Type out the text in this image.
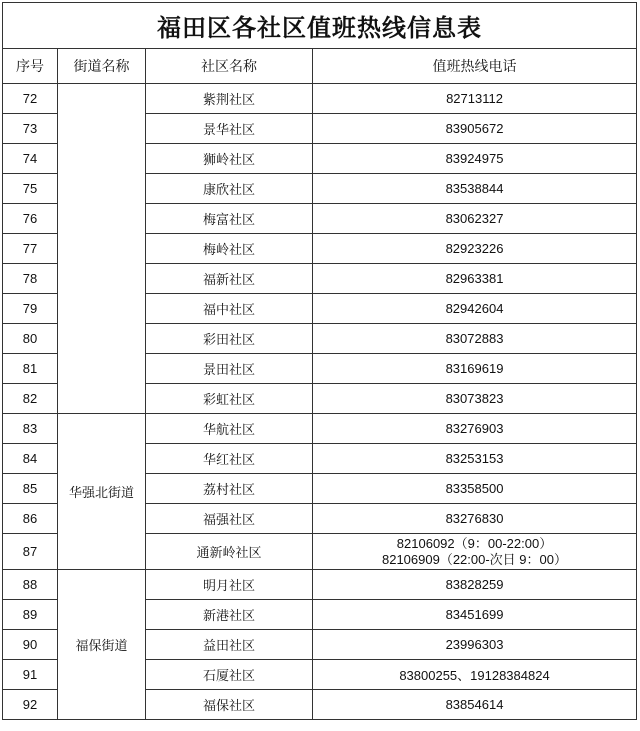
福田区各社区值班热线信息表			
序号	街道名称	社区名称	值班热线电话
72		紫荆社区	82713112

73		景华社区	83905672

74		狮岭社区	83924975

75		康欣社区	83538844

76		梅富社区	83062327

77		梅岭社区	82923226

78		福新社区	82963381

79		福中社区	82942604

80		彩田社区	83072883

81		景田社区	83169619

82		彩虹社区	83073823

83	华强北街道	华航社区	83276903

84		华红社区	83253153

85		荔村社区	83358500

86		福强社区	83276830

87		通新岭社区	82106092（9：00-22:00）
82106909（22:00-次日 9：00）

88	福保街道	明月社区	83828259

89		新港社区	83451699

90		益田社区	23996303

91		石厦社区	83800255、19128384824

92		福保社区	83854614
